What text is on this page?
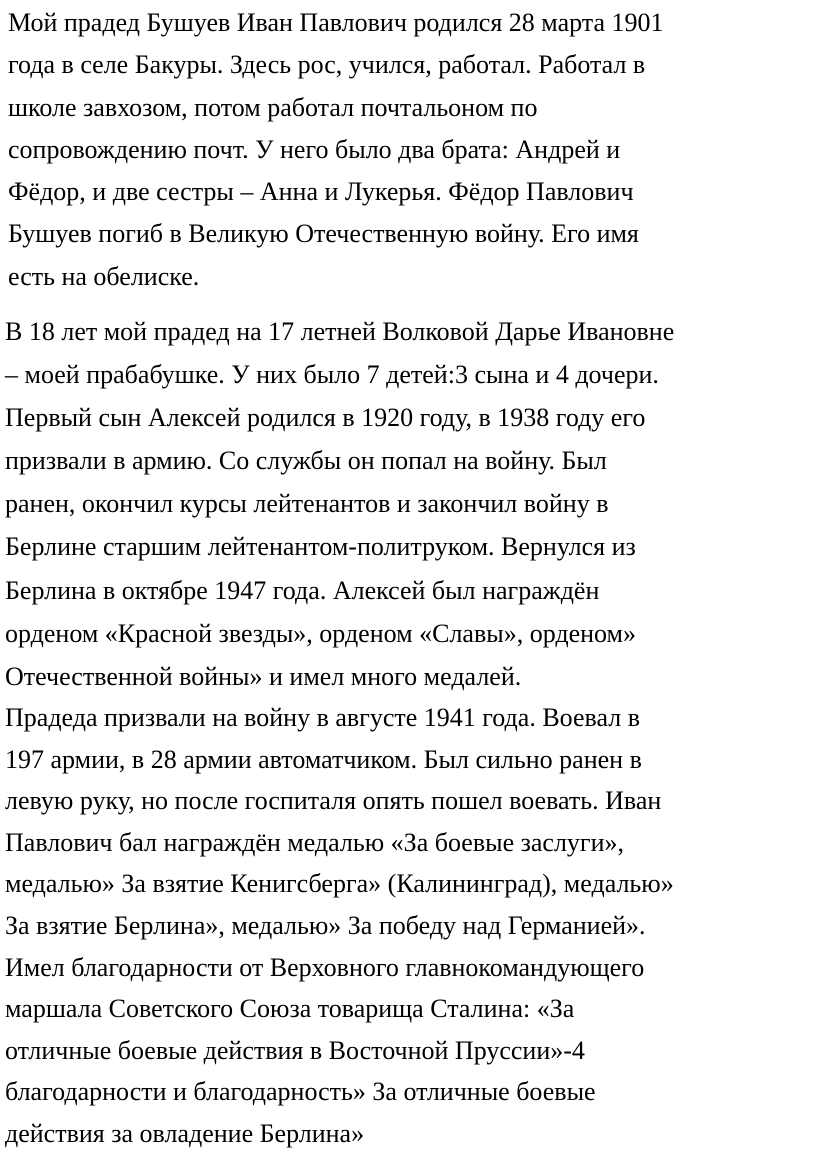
Мой прадед Бушуев Иван Павлович родился 28 марта 1901
года в селе Бакуры. Здесь рос, учился, работал. Работал в
школе завхозом, потом работал почтальоном по
сопровождению почт. У него было два брата: Андрей и
Фёдор, и две сестры – Анна и Лукерья. Фёдор Павлович
Бушуев погиб в Великую Отечественную войну. Его имя
есть на обелиске.

В 18 лет мой прадед на 17 летней Волковой Дарье Ивановне
– моей прабабушке. У них было 7 детей:3 сына и 4 дочери.
Первый сын Алексей родился в 1920 году, в 1938 году его
призвали в армию. Со службы он попал на войну. Был
ранен, окончил курсы лейтенантов и закончил войну в
Берлине старшим лейтенантом-политруком. Вернулся из
Берлина в октябре 1947 года. Алексей был награждён
орденом «Красной звезды», орденом «Славы», орденом»
Отечественной войны» и имел много медалей.

Прадеда призвали на войну в августе 1941 года. Воевал в
197 армии, в 28 армии автоматчиком. Был сильно ранен в
левую руку, но после госпиталя опять пошел воевать. Иван
Павлович бал награждён медалью «За боевые заслуги»,
медалью» За взятие Кенигсберга» (Калининград), медалью»
За взятие Берлина», медалью» За победу над Германией».
Имел благодарности от Верховного главнокомандующего
маршала Советского Союза товарища Сталина: «За
отличные боевые действия в Восточной Пруссии»-4
благодарности и благодарность» За отличные боевые
действия за овладение Берлина»
